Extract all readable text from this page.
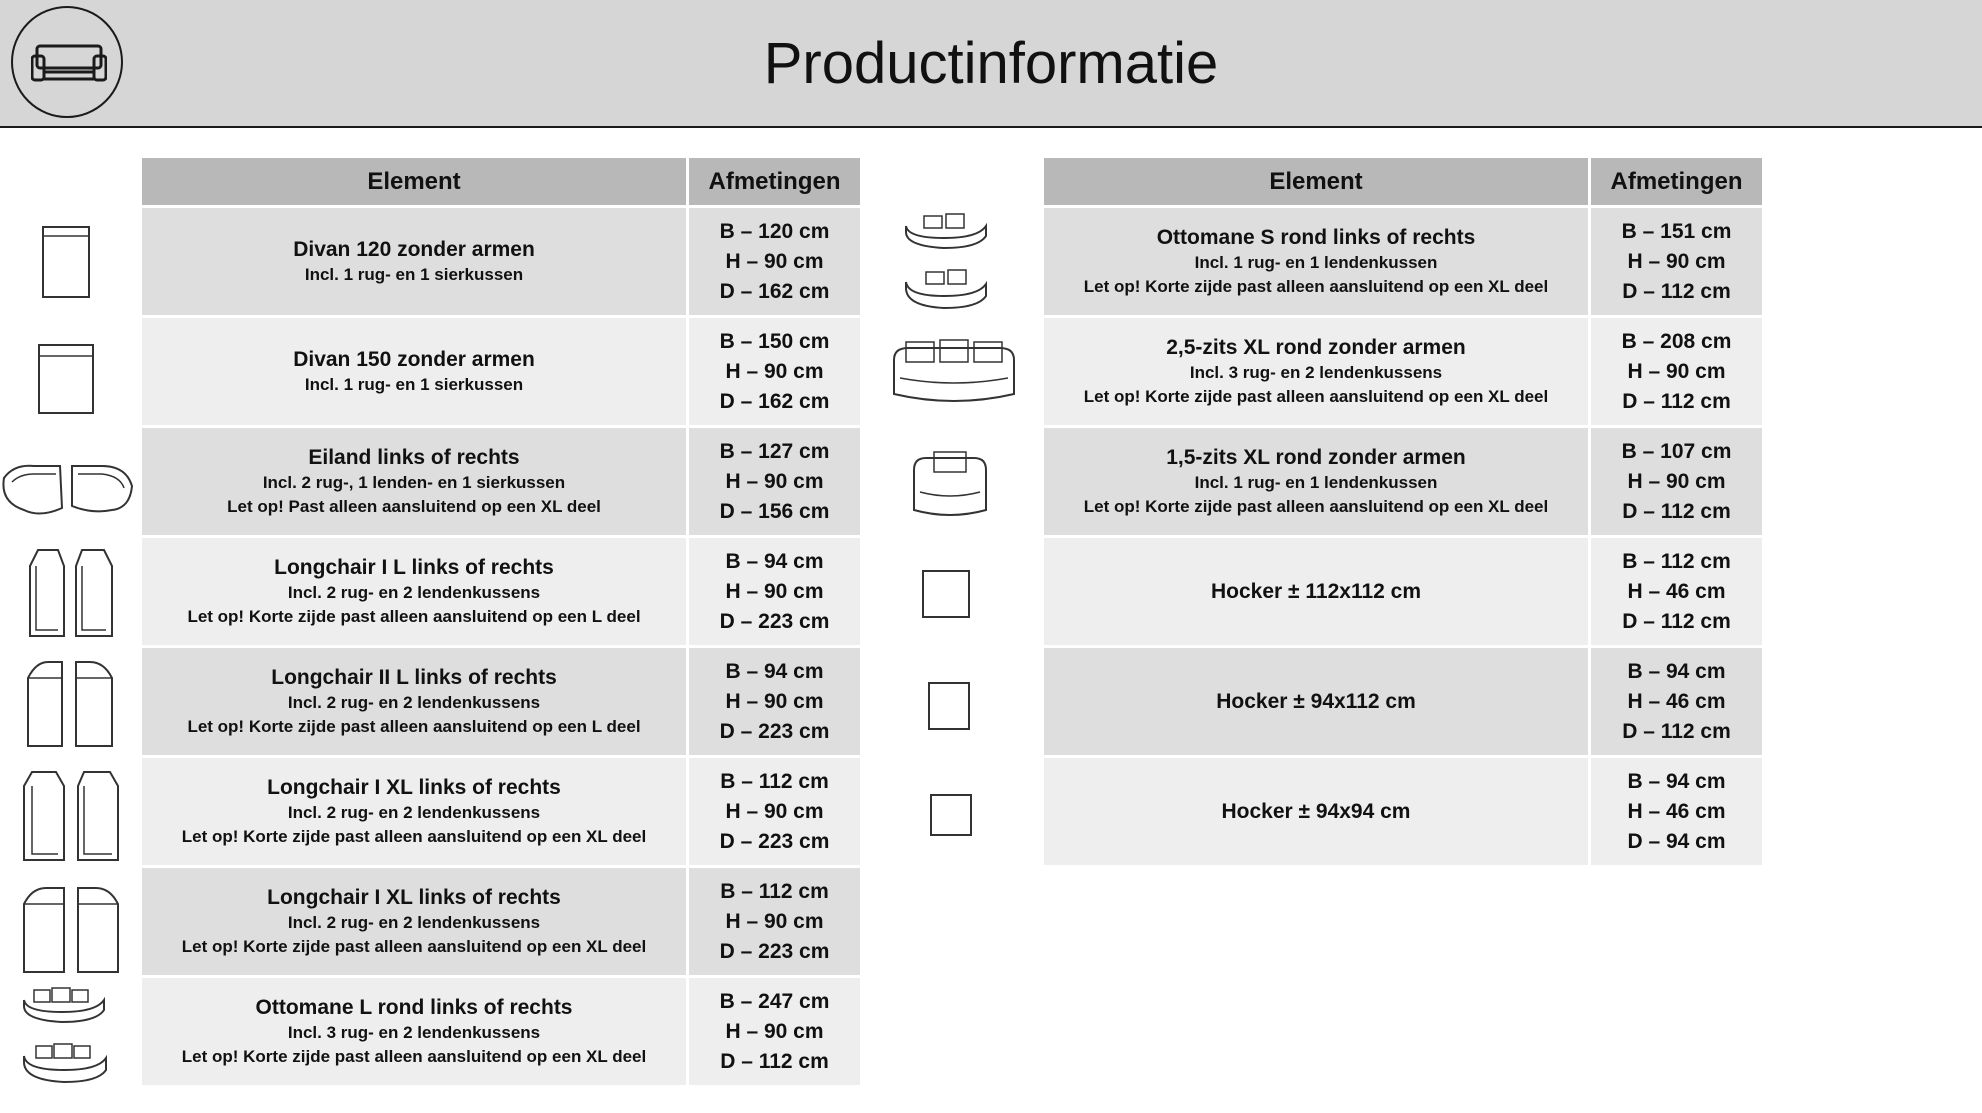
Productinformatie
Element	Afmetingen
Divan 120 zonder armen
Incl. 1 rug- en 1 sierkussen
B – 120 cm
H – 90 cm
D – 162 cm
Divan 150 zonder armen
Incl. 1 rug- en 1 sierkussen
B – 150 cm
H – 90 cm
D – 162 cm
Eiland links of rechts
Incl. 2 rug-, 1 lenden- en 1 sierkussen
Let op! Past alleen aansluitend op een XL deel
B – 127 cm
H – 90 cm
D – 156 cm
Longchair I L links of rechts
Incl. 2 rug- en 2 lendenkussens
Let op! Korte zijde past alleen aansluitend op een L deel
B – 94 cm
H – 90 cm
D – 223 cm
Longchair II L links of rechts
Incl. 2 rug- en 2 lendenkussens
Let op! Korte zijde past alleen aansluitend op een L deel
B – 94 cm
H – 90 cm
D – 223 cm
Longchair I XL links of rechts
Incl. 2 rug- en 2 lendenkussens
Let op! Korte zijde past alleen aansluitend op een XL deel
B – 112 cm
H – 90 cm
D – 223 cm
Longchair I XL links of rechts
Incl. 2 rug- en 2 lendenkussens
Let op! Korte zijde past alleen aansluitend op een XL deel
B – 112 cm
H – 90 cm
D – 223 cm
Ottomane L rond links of rechts
Incl. 3 rug- en 2 lendenkussens
Let op! Korte zijde past alleen aansluitend op een XL deel
B – 247 cm
H – 90 cm
D – 112 cm
Element	Afmetingen
Ottomane S rond links of rechts
Incl. 1 rug- en 1 lendenkussen
Let op! Korte zijde past alleen aansluitend op een XL deel
B – 151 cm
H – 90 cm
D – 112 cm
2,5-zits XL rond zonder armen
Incl. 3 rug- en 2 lendenkussens
Let op! Korte zijde past alleen aansluitend op een XL deel
B – 208 cm
H – 90 cm
D – 112 cm
1,5-zits XL rond zonder armen
Incl. 1 rug- en 1 lendenkussen
Let op! Korte zijde past alleen aansluitend op een XL deel
B – 107 cm
H – 90 cm
D – 112 cm
Hocker ± 112x112 cm
B – 112 cm
H – 46 cm
D – 112 cm
Hocker ± 94x112 cm
B – 94 cm
H – 46 cm
D – 112 cm
Hocker ± 94x94 cm
B – 94 cm
H – 46 cm
D – 94 cm
